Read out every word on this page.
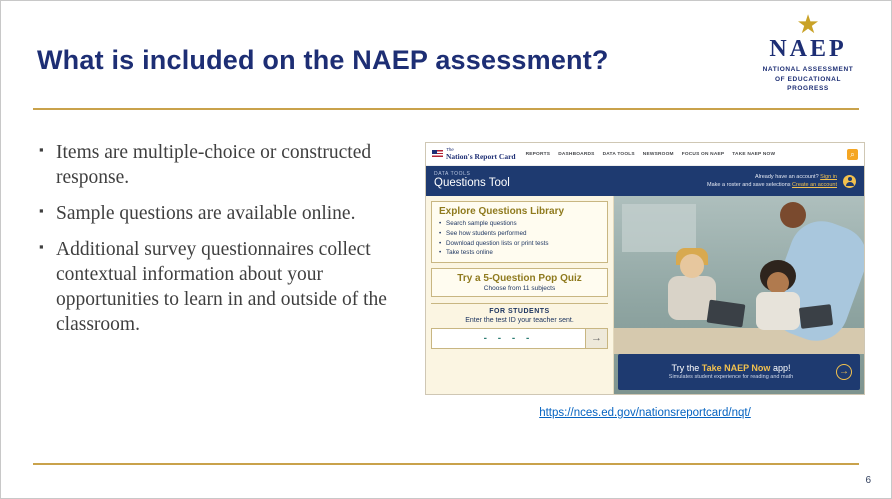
What is included on the NAEP assessment?
★
NAEP
NATIONAL ASSESSMENT OF EDUCATIONAL PROGRESS
▪ Items are multiple-choice or constructed response.
▪ Sample questions are available online.
▪ Additional survey questionnaires collect contextual information about your opportunities to learn in and outside of the classroom.
The
Nation's Report Card REPORTS DASHBOARDS DATA TOOLS NEWSROOM FOCUS ON NAEP TAKE NAEP NOW	⌕
DATA TOOLS
Questions Tool
Already have an account? Sign in
Make a roster and save selections Create an account
Explore Questions Library
• Search sample questions
• See how students performed
• Download question lists or print tests
• Take tests online
Try a 5-Question Pop Quiz
Choose from 11 subjects
FOR STUDENTS
Enter the test ID your teacher sent.
- - - -	→
Try the Take NAEP Now app!
Simulates student experience for reading and math
→
https://nces.ed.gov/nationsreportcard/nqt/
6
